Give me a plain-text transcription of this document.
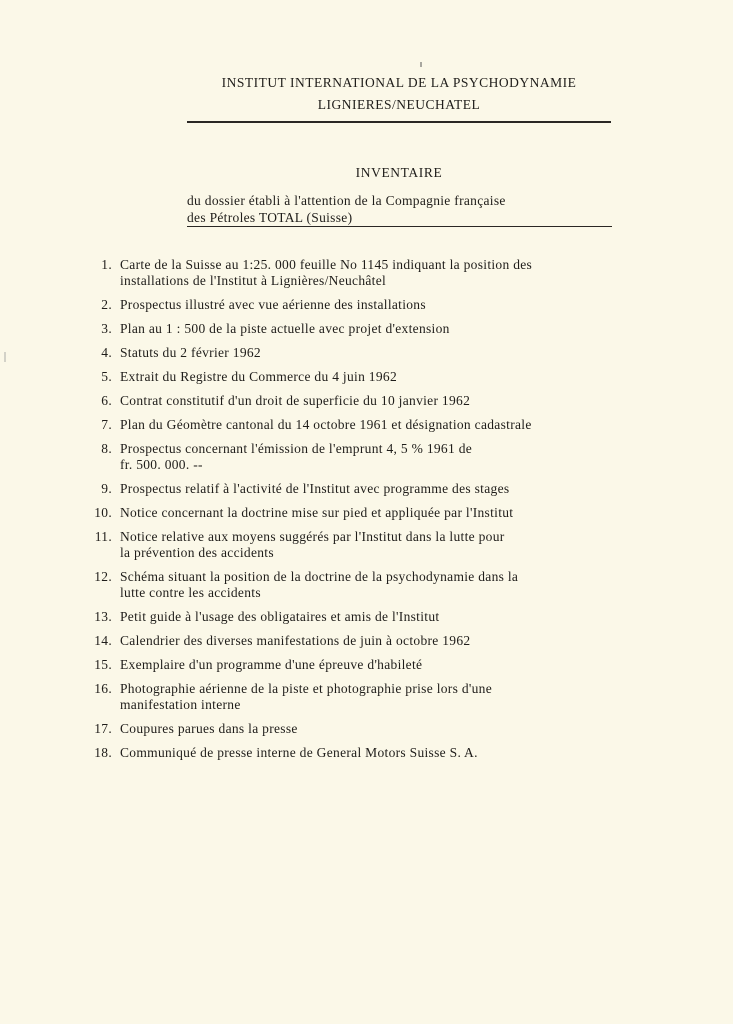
INSTITUT INTERNATIONAL DE LA PSYCHODYNAMIE
LIGNIERES/NEUCHATEL
INVENTAIRE
du dossier établi à l'attention de la Compagnie française
des Pétroles TOTAL (Suisse)
1. Carte de la Suisse au 1:25. 000 feuille No 1145 indiquant la position des
installations de l'Institut à Lignières/Neuchâtel
2. Prospectus illustré avec vue aérienne des installations
3. Plan au 1 : 500 de la piste actuelle avec projet d'extension
4. Statuts du 2 février 1962
5. Extrait du Registre du Commerce du 4 juin 1962
6. Contrat constitutif d'un droit de superficie du 10 janvier 1962
7. Plan du Géomètre cantonal du 14 octobre 1961 et désignation cadastrale
8. Prospectus concernant l'émission de l'emprunt 4, 5 % 1961 de
fr. 500. 000. --
9. Prospectus relatif à l'activité de l'Institut avec programme des stages
10. Notice concernant la doctrine mise sur pied et appliquée par l'Institut
11. Notice relative aux moyens suggérés par l'Institut dans la lutte pour
la prévention des accidents
12. Schéma situant la position de la doctrine de la psychodynamie dans la
lutte contre les accidents
13. Petit guide à l'usage des obligataires et amis de l'Institut
14. Calendrier des diverses manifestations de juin à octobre 1962
15. Exemplaire d'un programme d'une épreuve d'habileté
16. Photographie aérienne de la piste et photographie prise lors d'une
manifestation interne
17. Coupures parues dans la presse
18. Communiqué de presse interne de General Motors Suisse S. A.
